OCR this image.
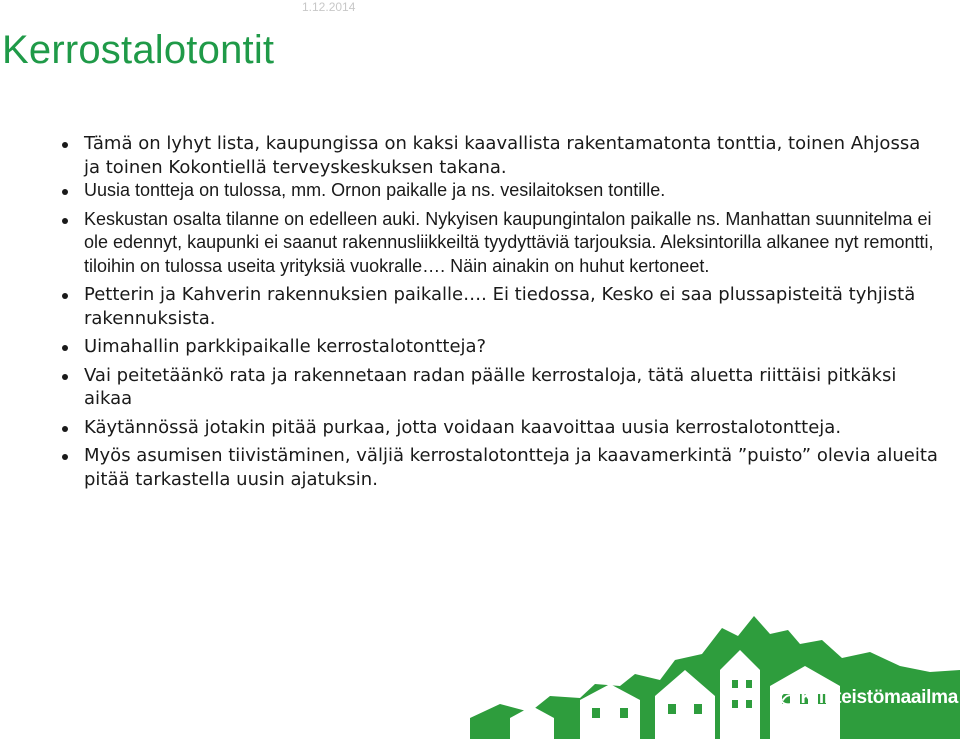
1.12.2014
Kerrostalotontit
Tämä on lyhyt lista, kaupungissa on kaksi kaavallista rakentamatonta tonttia, toinen Ahjossa ja toinen Kokontiellä terveyskeskuksen takana.
Uusia tontteja on tulossa, mm. Ornon paikalle ja ns. vesilaitoksen tontille.
Keskustan osalta tilanne on edelleen auki. Nykyisen kaupungintalon paikalle ns. Manhattan suunnitelma ei ole edennyt, kaupunki ei saanut rakennusliikkeiltä tyydyttäviä tarjouksia. Aleksintorilla alkanee nyt remontti, tiloihin on tulossa useita yrityksiä vuokralle…. Näin ainakin on huhut kertoneet.
Petterin ja Kahverin rakennuksien paikalle…. Ei tiedossa, Kesko ei saa plussapisteitä tyhjistä rakennuksista.
Uimahallin parkkipaikalle kerrostalotontteja?
Vai peitetäänkö rata ja rakennetaan radan päälle kerrostaloja, tätä aluetta riittäisi pitkäksi aikaa
Käytännössä jotakin pitää purkaa, jotta voidaan kaavoittaa uusia kerrostalotontteja.
Myös asumisen tiivistäminen, väljiä kerrostalotontteja ja kaavamerkintä ”puisto” olevia alueita pitää tarkastella uusin ajatuksin.
Kiinteistömaailma
